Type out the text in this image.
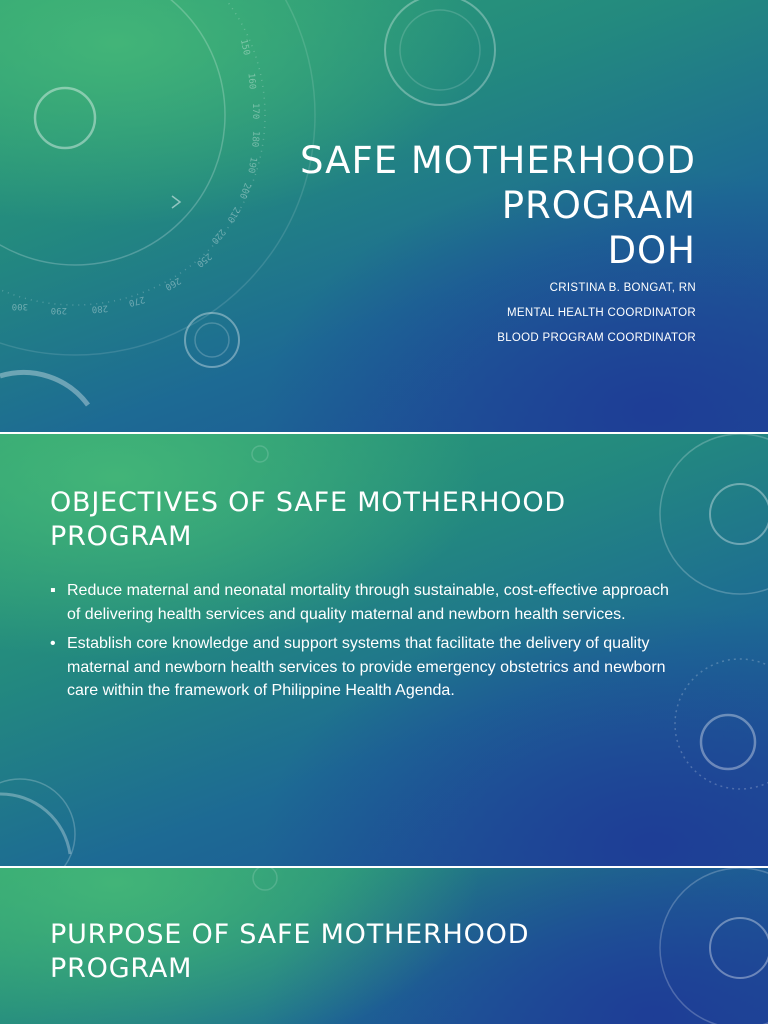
300	290	280
270
260
250
220
210
200
190
180
170
160
150
SAFE MOTHERHOOD
PROGRAM
DOH
CRISTINA B. BONGAT, RN
MENTAL HEALTH COORDINATOR
BLOOD PROGRAM COORDINATOR
OBJECTIVES OF SAFE MOTHERHOOD PROGRAM
▪ Reduce maternal and neonatal mortality through sustainable, cost-effective approach of delivering health services and quality maternal and newborn health services.
• Establish core knowledge and support systems that facilitate the delivery of quality maternal and newborn health services to provide emergency obstetrics and newborn care within the framework of Philippine Health Agenda.
PURPOSE OF SAFE MOTHERHOOD PROGRAM
